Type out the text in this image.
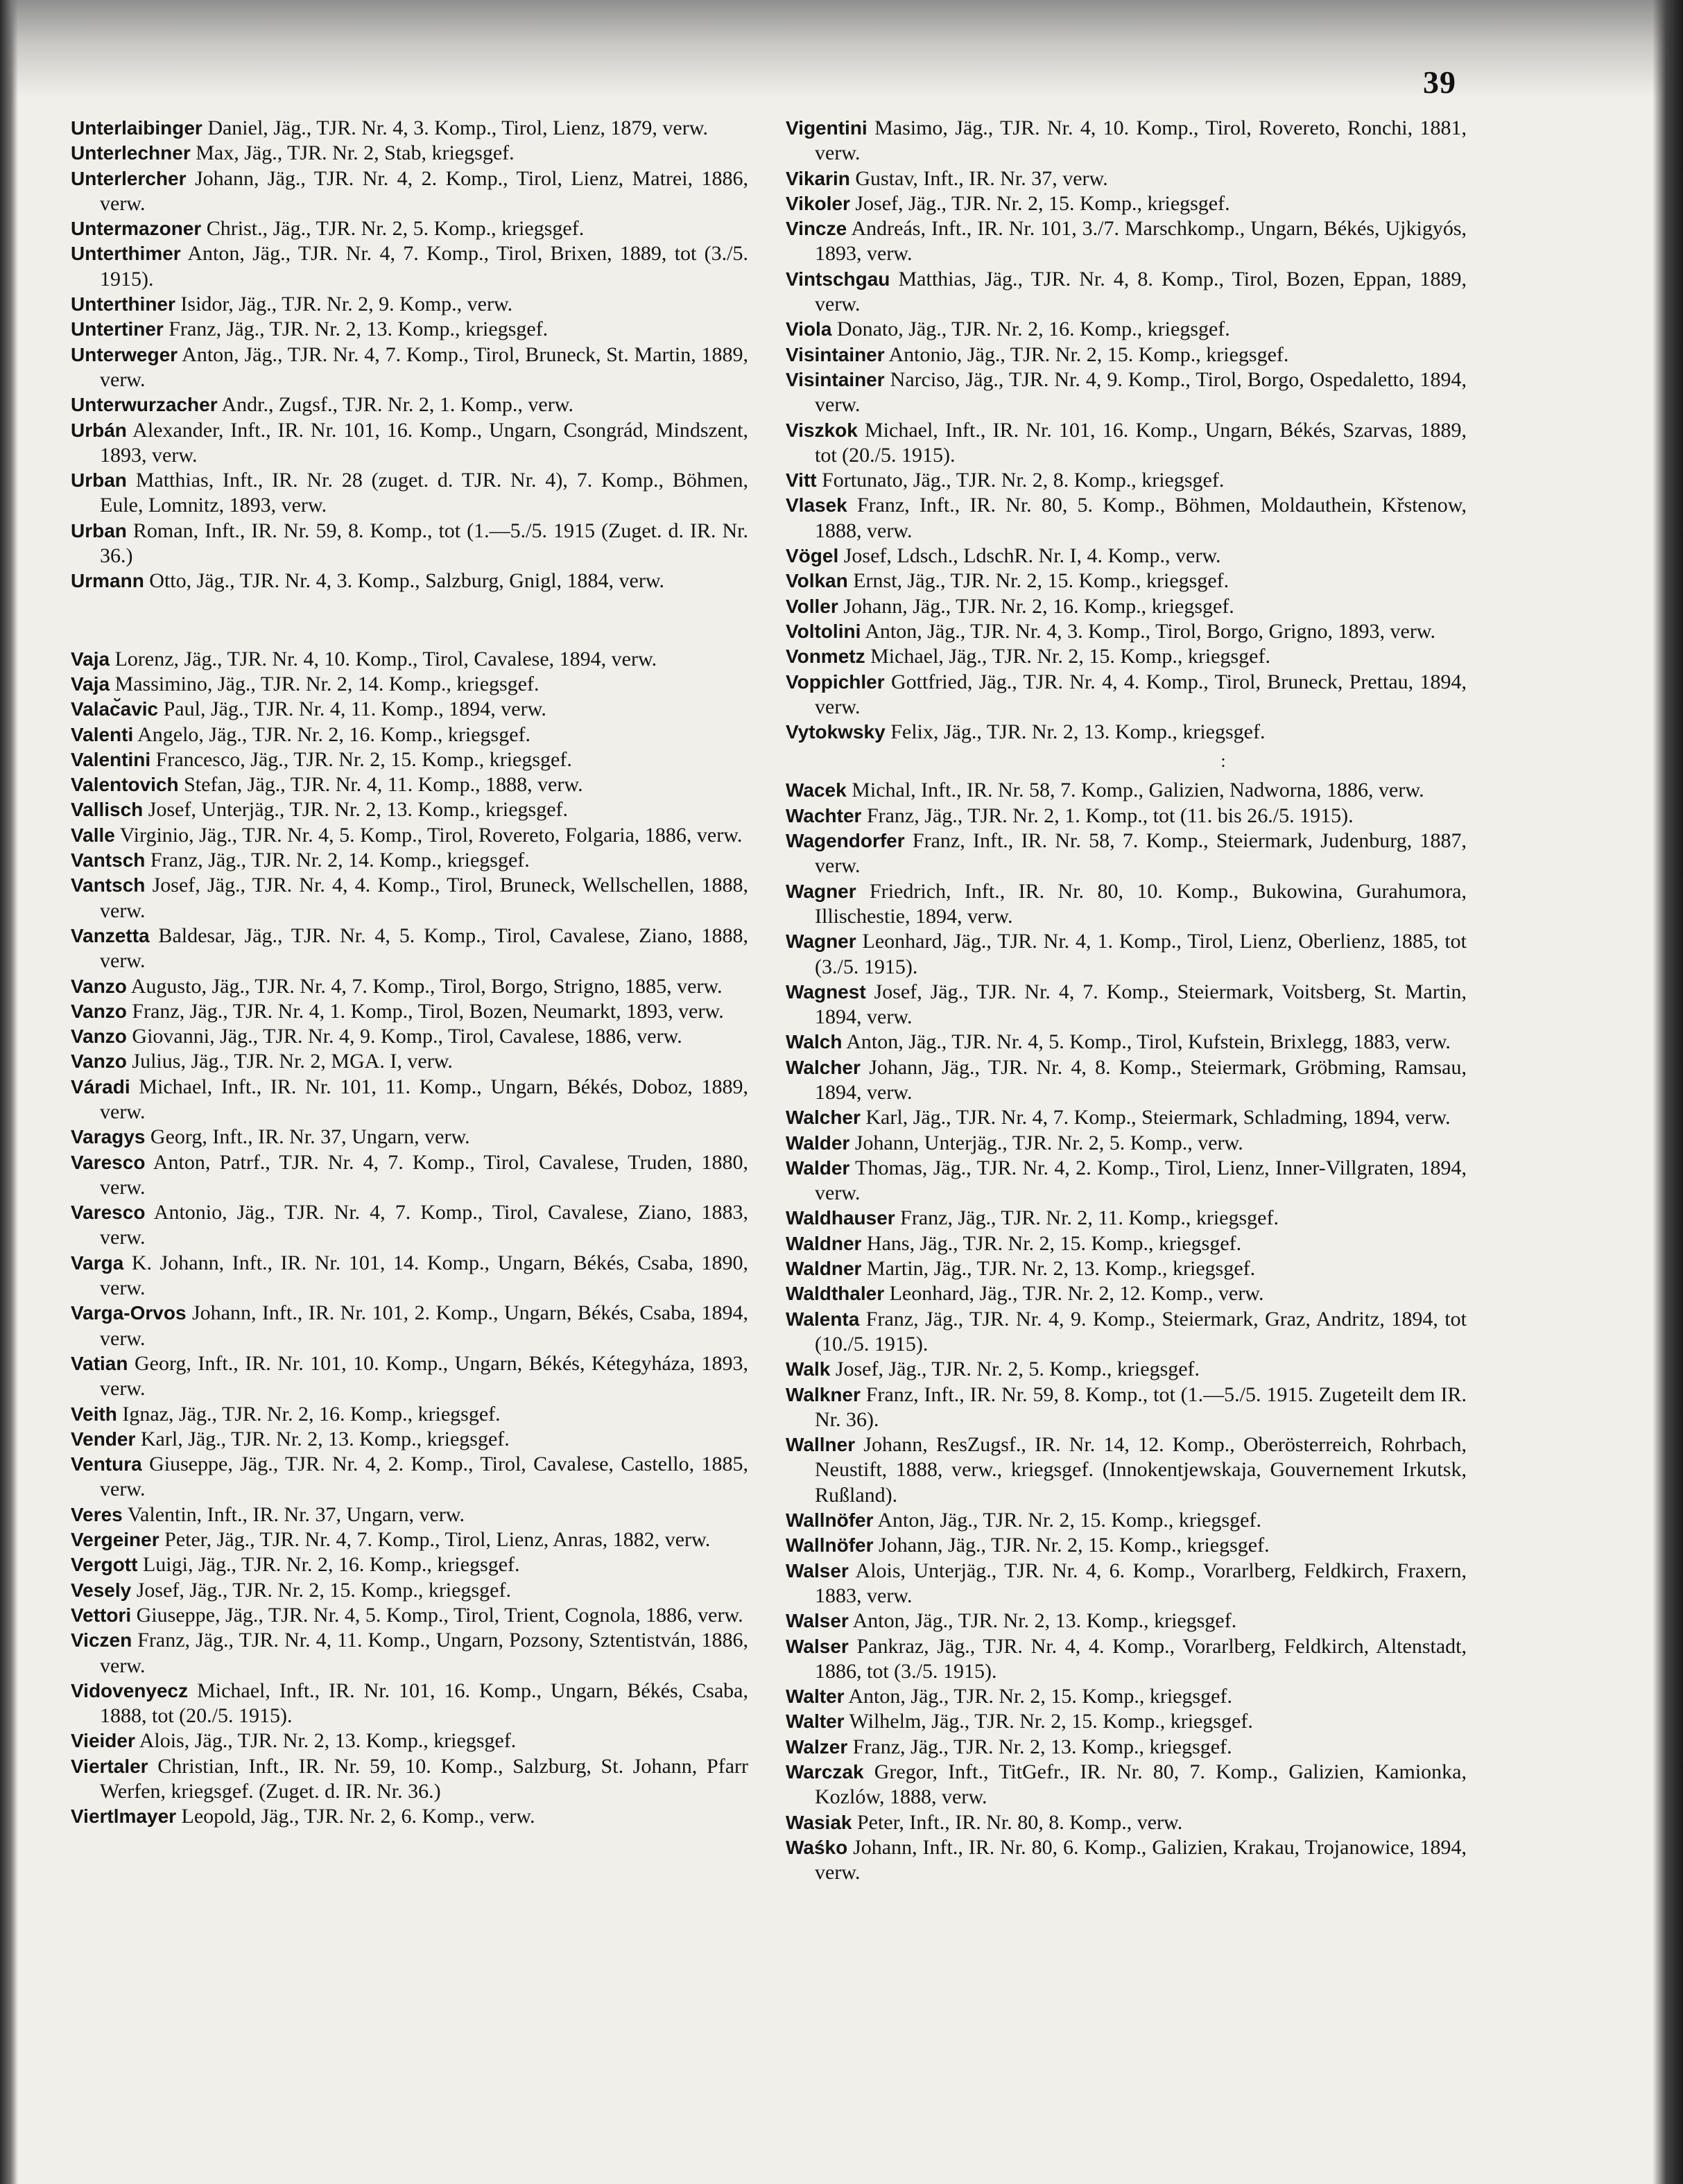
39

Unterlaibinger Daniel, Jäg., TJR. Nr. 4, 3. Komp., Tirol, Lienz, 1879, verw.

Unterlechner Max, Jäg., TJR. Nr. 2, Stab, kriegsgef.

Unterlercher Johann, Jäg., TJR. Nr. 4, 2. Komp., Tirol, Lienz, Matrei, 1886, verw.

Untermazoner Christ., Jäg., TJR. Nr. 2, 5. Komp., kriegsgef.

Unterthimer Anton, Jäg., TJR. Nr. 4, 7. Komp., Tirol, Brixen, 1889, tot (3./5. 1915).

Unterthiner Isidor, Jäg., TJR. Nr. 2, 9. Komp., verw.

Untertiner Franz, Jäg., TJR. Nr. 2, 13. Komp., kriegsgef.

Unterweger Anton, Jäg., TJR. Nr. 4, 7. Komp., Tirol, Bruneck, St. Martin, 1889, verw.

Unterwurzacher Andr., Zugsf., TJR. Nr. 2, 1. Komp., verw.

Urbán Alexander, Inft., IR. Nr. 101, 16. Komp., Ungarn, Csongrád, Mindszent, 1893, verw.

Urban Matthias, Inft., IR. Nr. 28 (zuget. d. TJR. Nr. 4), 7. Komp., Böhmen, Eule, Lomnitz, 1893, verw.

Urban Roman, Inft., IR. Nr. 59, 8. Komp., tot (1.—5./5. 1915 (Zuget. d. IR. Nr. 36.)

Urmann Otto, Jäg., TJR. Nr. 4, 3. Komp., Salzburg, Gnigl, 1884, verw.

Vaja Lorenz, Jäg., TJR. Nr. 4, 10. Komp., Tirol, Cavalese, 1894, verw.

Vaja Massimino, Jäg., TJR. Nr. 2, 14. Komp., kriegsgef.

Valac̆avic Paul, Jäg., TJR. Nr. 4, 11. Komp., 1894, verw.

Valenti Angelo, Jäg., TJR. Nr. 2, 16. Komp., kriegsgef.

Valentini Francesco, Jäg., TJR. Nr. 2, 15. Komp., kriegsgef.

Valentovich Stefan, Jäg., TJR. Nr. 4, 11. Komp., 1888, verw.

Vallisch Josef, Unterjäg., TJR. Nr. 2, 13. Komp., kriegsgef.

Valle Virginio, Jäg., TJR. Nr. 4, 5. Komp., Tirol, Rovereto, Folgaria, 1886, verw.

Vantsch Franz, Jäg., TJR. Nr. 2, 14. Komp., kriegsgef.

Vantsch Josef, Jäg., TJR. Nr. 4, 4. Komp., Tirol, Bruneck, Wellschellen, 1888, verw.

Vanzetta Baldesar, Jäg., TJR. Nr. 4, 5. Komp., Tirol, Cavalese, Ziano, 1888, verw.

Vanzo Augusto, Jäg., TJR. Nr. 4, 7. Komp., Tirol, Borgo, Strigno, 1885, verw.

Vanzo Franz, Jäg., TJR. Nr. 4, 1. Komp., Tirol, Bozen, Neumarkt, 1893, verw.

Vanzo Giovanni, Jäg., TJR. Nr. 4, 9. Komp., Tirol, Cavalese, 1886, verw.

Vanzo Julius, Jäg., TJR. Nr. 2, MGA. I, verw.

Váradi Michael, Inft., IR. Nr. 101, 11. Komp., Ungarn, Békés, Doboz, 1889, verw.

Varagys Georg, Inft., IR. Nr. 37, Ungarn, verw.

Varesco Anton, Patrf., TJR. Nr. 4, 7. Komp., Tirol, Cavalese, Truden, 1880, verw.

Varesco Antonio, Jäg., TJR. Nr. 4, 7. Komp., Tirol, Cavalese, Ziano, 1883, verw.

Varga K. Johann, Inft., IR. Nr. 101, 14. Komp., Ungarn, Békés, Csaba, 1890, verw.

Varga-Orvos Johann, Inft., IR. Nr. 101, 2. Komp., Ungarn, Békés, Csaba, 1894, verw.

Vatian Georg, Inft., IR. Nr. 101, 10. Komp., Ungarn, Békés, Kétegyháza, 1893, verw.

Veith Ignaz, Jäg., TJR. Nr. 2, 16. Komp., kriegsgef.

Vender Karl, Jäg., TJR. Nr. 2, 13. Komp., kriegsgef.

Ventura Giuseppe, Jäg., TJR. Nr. 4, 2. Komp., Tirol, Cavalese, Castello, 1885, verw.

Veres Valentin, Inft., IR. Nr. 37, Ungarn, verw.

Vergeiner Peter, Jäg., TJR. Nr. 4, 7. Komp., Tirol, Lienz, Anras, 1882, verw.

Vergott Luigi, Jäg., TJR. Nr. 2, 16. Komp., kriegsgef.

Vesely Josef, Jäg., TJR. Nr. 2, 15. Komp., kriegsgef.

Vettori Giuseppe, Jäg., TJR. Nr. 4, 5. Komp., Tirol, Trient, Cognola, 1886, verw.

Viczen Franz, Jäg., TJR. Nr. 4, 11. Komp., Ungarn, Pozsony, Sztentistván, 1886, verw.

Vidovenyecz Michael, Inft., IR. Nr. 101, 16. Komp., Ungarn, Békés, Csaba, 1888, tot (20./5. 1915).

Vieider Alois, Jäg., TJR. Nr. 2, 13. Komp., kriegsgef.

Viertaler Christian, Inft., IR. Nr. 59, 10. Komp., Salzburg, St. Johann, Pfarr Werfen, kriegsgef. (Zuget. d. IR. Nr. 36.)

Viertlmayer Leopold, Jäg., TJR. Nr. 2, 6. Komp., verw.

Vigentini Masimo, Jäg., TJR. Nr. 4, 10. Komp., Tirol, Rovereto, Ronchi, 1881, verw.

Vikarin Gustav, Inft., IR. Nr. 37, verw.

Vikoler Josef, Jäg., TJR. Nr. 2, 15. Komp., kriegsgef.

Vincze Andreás, Inft., IR. Nr. 101, 3./7. Marschkomp., Ungarn, Békés, Ujkigyós, 1893, verw.

Vintschgau Matthias, Jäg., TJR. Nr. 4, 8. Komp., Tirol, Bozen, Eppan, 1889, verw.

Viola Donato, Jäg., TJR. Nr. 2, 16. Komp., kriegsgef.

Visintainer Antonio, Jäg., TJR. Nr. 2, 15. Komp., kriegsgef.

Visintainer Narciso, Jäg., TJR. Nr. 4, 9. Komp., Tirol, Borgo, Ospedaletto, 1894, verw.

Viszkok Michael, Inft., IR. Nr. 101, 16. Komp., Ungarn, Békés, Szarvas, 1889, tot (20./5. 1915).

Vitt Fortunato, Jäg., TJR. Nr. 2, 8. Komp., kriegsgef.

Vlasek Franz, Inft., IR. Nr. 80, 5. Komp., Böhmen, Moldauthein, Křstenow, 1888, verw.

Vögel Josef, Ldsch., LdschR. Nr. I, 4. Komp., verw.

Volkan Ernst, Jäg., TJR. Nr. 2, 15. Komp., kriegsgef.

Voller Johann, Jäg., TJR. Nr. 2, 16. Komp., kriegsgef.

Voltolini Anton, Jäg., TJR. Nr. 4, 3. Komp., Tirol, Borgo, Grigno, 1893, verw.

Vonmetz Michael, Jäg., TJR. Nr. 2, 15. Komp., kriegsgef.

Voppichler Gottfried, Jäg., TJR. Nr. 4, 4. Komp., Tirol, Bruneck, Prettau, 1894, verw.

Vytokwsky Felix, Jäg., TJR. Nr. 2, 13. Komp., kriegsgef.

:

Wacek Michal, Inft., IR. Nr. 58, 7. Komp., Galizien, Nadworna, 1886, verw.

Wachter Franz, Jäg., TJR. Nr. 2, 1. Komp., tot (11. bis 26./5. 1915).

Wagendorfer Franz, Inft., IR. Nr. 58, 7. Komp., Steiermark, Judenburg, 1887, verw.

Wagner Friedrich, Inft., IR. Nr. 80, 10. Komp., Bukowina, Gurahumora, Illischestie, 1894, verw.

Wagner Leonhard, Jäg., TJR. Nr. 4, 1. Komp., Tirol, Lienz, Oberlienz, 1885, tot (3./5. 1915).

Wagnest Josef, Jäg., TJR. Nr. 4, 7. Komp., Steiermark, Voitsberg, St. Martin, 1894, verw.

Walch Anton, Jäg., TJR. Nr. 4, 5. Komp., Tirol, Kufstein, Brixlegg, 1883, verw.

Walcher Johann, Jäg., TJR. Nr. 4, 8. Komp., Steiermark, Gröbming, Ramsau, 1894, verw.

Walcher Karl, Jäg., TJR. Nr. 4, 7. Komp., Steiermark, Schladming, 1894, verw.

Walder Johann, Unterjäg., TJR. Nr. 2, 5. Komp., verw.

Walder Thomas, Jäg., TJR. Nr. 4, 2. Komp., Tirol, Lienz, Inner-Villgraten, 1894, verw.

Waldhauser Franz, Jäg., TJR. Nr. 2, 11. Komp., kriegsgef.

Waldner Hans, Jäg., TJR. Nr. 2, 15. Komp., kriegsgef.

Waldner Martin, Jäg., TJR. Nr. 2, 13. Komp., kriegsgef.

Waldthaler Leonhard, Jäg., TJR. Nr. 2, 12. Komp., verw.

Walenta Franz, Jäg., TJR. Nr. 4, 9. Komp., Steiermark, Graz, Andritz, 1894, tot (10./5. 1915).

Walk Josef, Jäg., TJR. Nr. 2, 5. Komp., kriegsgef.

Walkner Franz, Inft., IR. Nr. 59, 8. Komp., tot (1.—5./5. 1915. Zugeteilt dem IR. Nr. 36).

Wallner Johann, ResZugsf., IR. Nr. 14, 12. Komp., Oberösterreich, Rohrbach, Neustift, 1888, verw., kriegsgef. (Innokentjewskaja, Gouvernement Irkutsk, Rußland).

Wallnöfer Anton, Jäg., TJR. Nr. 2, 15. Komp., kriegsgef.

Wallnöfer Johann, Jäg., TJR. Nr. 2, 15. Komp., kriegsgef.

Walser Alois, Unterjäg., TJR. Nr. 4, 6. Komp., Vorarlberg, Feldkirch, Fraxern, 1883, verw.

Walser Anton, Jäg., TJR. Nr. 2, 13. Komp., kriegsgef.

Walser Pankraz, Jäg., TJR. Nr. 4, 4. Komp., Vorarlberg, Feldkirch, Altenstadt, 1886, tot (3./5. 1915).

Walter Anton, Jäg., TJR. Nr. 2, 15. Komp., kriegsgef.

Walter Wilhelm, Jäg., TJR. Nr. 2, 15. Komp., kriegsgef.

Walzer Franz, Jäg., TJR. Nr. 2, 13. Komp., kriegsgef.

Warczak Gregor, Inft., TitGefr., IR. Nr. 80, 7. Komp., Galizien, Kamionka, Kozlów, 1888, verw.

Wasiak Peter, Inft., IR. Nr. 80, 8. Komp., verw.

Waśko Johann, Inft., IR. Nr. 80, 6. Komp., Galizien, Krakau, Trojanowice, 1894, verw.
